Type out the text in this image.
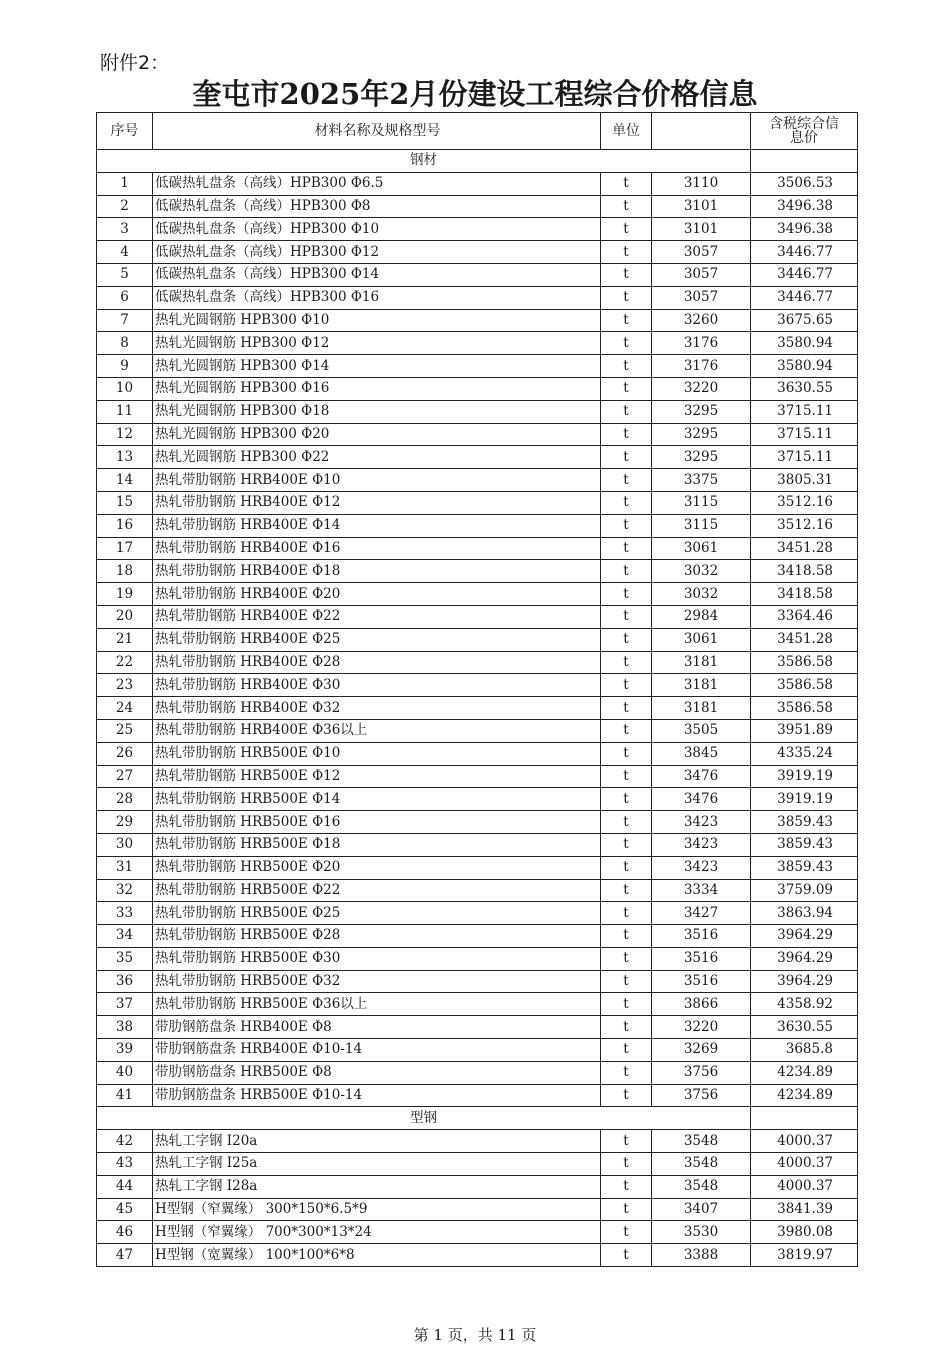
附件2：
奎屯市2025年2月份建设工程综合价格信息
序号	材料名称及规格型号	单位		含税综合信息价
钢材				
1	低碳热轧盘条（高线）HPB300 Φ6.5	t	3110	3506.53
2	低碳热轧盘条（高线）HPB300 Φ8	t	3101	3496.38
3	低碳热轧盘条（高线）HPB300 Φ10	t	3101	3496.38
4	低碳热轧盘条（高线）HPB300 Φ12	t	3057	3446.77
5	低碳热轧盘条（高线）HPB300 Φ14	t	3057	3446.77
6	低碳热轧盘条（高线）HPB300 Φ16	t	3057	3446.77
7	热轧光圆钢筋 HPB300 Φ10	t	3260	3675.65
8	热轧光圆钢筋 HPB300 Φ12	t	3176	3580.94
9	热轧光圆钢筋 HPB300 Φ14	t	3176	3580.94
10	热轧光圆钢筋 HPB300 Φ16	t	3220	3630.55
11	热轧光圆钢筋 HPB300 Φ18	t	3295	3715.11
12	热轧光圆钢筋 HPB300 Φ20	t	3295	3715.11
13	热轧光圆钢筋 HPB300 Φ22	t	3295	3715.11
14	热轧带肋钢筋 HRB400E Φ10	t	3375	3805.31
15	热轧带肋钢筋 HRB400E Φ12	t	3115	3512.16
16	热轧带肋钢筋 HRB400E Φ14	t	3115	3512.16
17	热轧带肋钢筋 HRB400E Φ16	t	3061	3451.28
18	热轧带肋钢筋 HRB400E Φ18	t	3032	3418.58
19	热轧带肋钢筋 HRB400E Φ20	t	3032	3418.58
20	热轧带肋钢筋 HRB400E Φ22	t	2984	3364.46
21	热轧带肋钢筋 HRB400E Φ25	t	3061	3451.28
22	热轧带肋钢筋 HRB400E Φ28	t	3181	3586.58
23	热轧带肋钢筋 HRB400E Φ30	t	3181	3586.58
24	热轧带肋钢筋 HRB400E Φ32	t	3181	3586.58
25	热轧带肋钢筋 HRB400E Φ36以上	t	3505	3951.89
26	热轧带肋钢筋 HRB500E Φ10	t	3845	4335.24
27	热轧带肋钢筋 HRB500E Φ12	t	3476	3919.19
28	热轧带肋钢筋 HRB500E Φ14	t	3476	3919.19
29	热轧带肋钢筋 HRB500E Φ16	t	3423	3859.43
30	热轧带肋钢筋 HRB500E Φ18	t	3423	3859.43
31	热轧带肋钢筋 HRB500E Φ20	t	3423	3859.43
32	热轧带肋钢筋 HRB500E Φ22	t	3334	3759.09
33	热轧带肋钢筋 HRB500E Φ25	t	3427	3863.94
34	热轧带肋钢筋 HRB500E Φ28	t	3516	3964.29
35	热轧带肋钢筋 HRB500E Φ30	t	3516	3964.29
36	热轧带肋钢筋 HRB500E Φ32	t	3516	3964.29
37	热轧带肋钢筋 HRB500E Φ36以上	t	3866	4358.92
38	带肋钢筋盘条 HRB400E Φ8	t	3220	3630.55
39	带肋钢筋盘条 HRB400E Φ10-14	t	3269	3685.8
40	带肋钢筋盘条 HRB500E Φ8	t	3756	4234.89
41	带肋钢筋盘条 HRB500E Φ10-14	t	3756	4234.89
型钢				
42	热轧工字钢 I20a	t	3548	4000.37
43	热轧工字钢 I25a	t	3548	4000.37
44	热轧工字钢 I28a	t	3548	4000.37
45	H型钢（窄翼缘） 300*150*6.5*9	t	3407	3841.39
46	H型钢（窄翼缘） 700*300*13*24	t	3530	3980.08
47	H型钢（宽翼缘） 100*100*6*8	t	3388	3819.97
第 1 页，共 11 页
